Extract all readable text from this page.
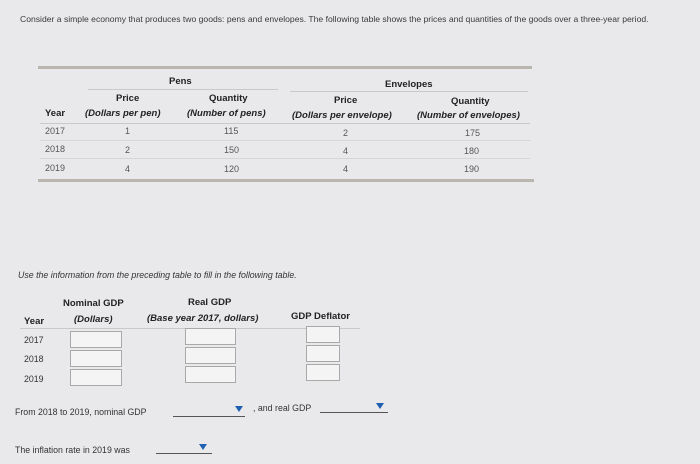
Consider a simple economy that produces two goods: pens and envelopes. The following table shows the prices and quantities of the goods over a three-year period.
Pens	Envelopes
Price	Quantity	Price	Quantity
Year (Dollars per pen)	(Number of pens)	(Dollars per envelope)	(Number of envelopes)
2017	1	115	2	175
2018	2	150	4	180
2019	4	120	4	190
Use the information from the preceding table to fill in the following table.
Nominal GDP	Real GDP
Year	(Dollars)	(Base year 2017, dollars)	GDP Deflator
2017
2018
2019
From 2018 to 2019, nominal GDP	, and real GDP
The inflation rate in 2019 was
